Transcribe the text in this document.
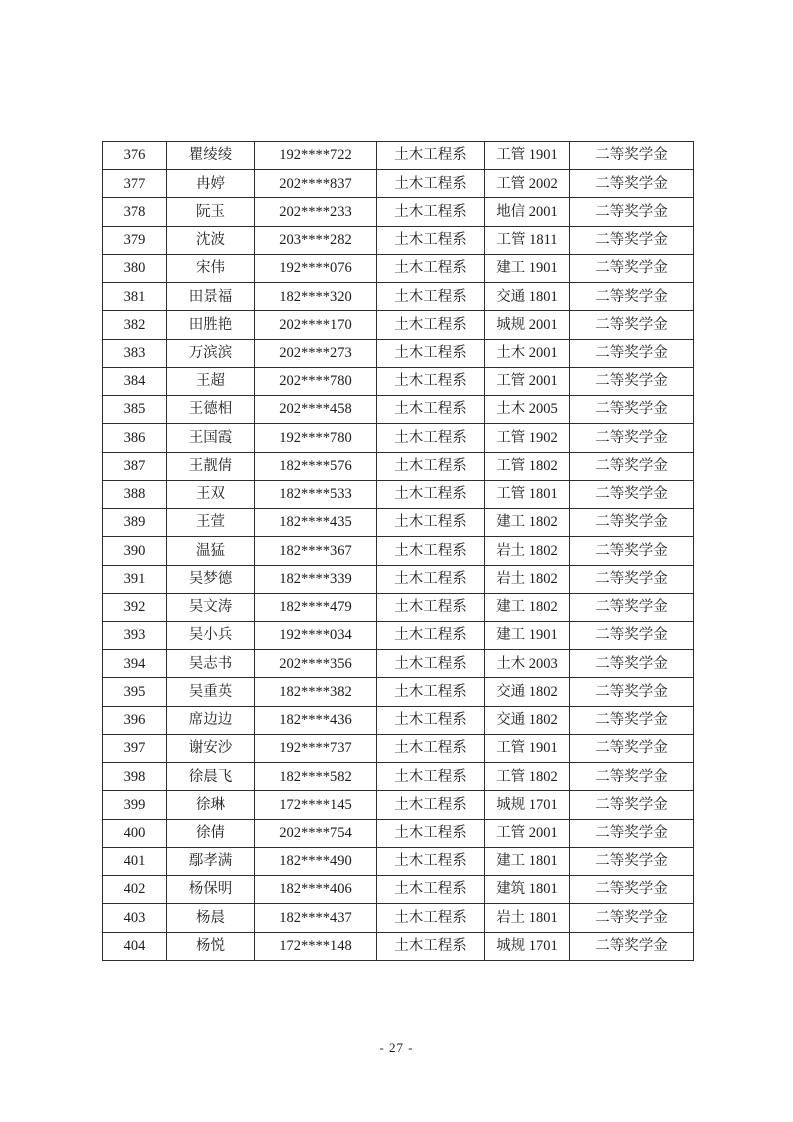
376	瞿绫绫	192****722	土木工程系	工管 1901	二等奖学金
377	冉婷	202****837	土木工程系	工管 2002	二等奖学金
378	阮玉	202****233	土木工程系	地信 2001	二等奖学金
379	沈波	203****282	土木工程系	工管 1811	二等奖学金
380	宋伟	192****076	土木工程系	建工 1901	二等奖学金
381	田景福	182****320	土木工程系	交通 1801	二等奖学金
382	田胜艳	202****170	土木工程系	城规 2001	二等奖学金
383	万滨滨	202****273	土木工程系	土木 2001	二等奖学金
384	王超	202****780	土木工程系	工管 2001	二等奖学金
385	王德相	202****458	土木工程系	土木 2005	二等奖学金
386	王国霞	192****780	土木工程系	工管 1902	二等奖学金
387	王靓倩	182****576	土木工程系	工管 1802	二等奖学金
388	王双	182****533	土木工程系	工管 1801	二等奖学金
389	王萱	182****435	土木工程系	建工 1802	二等奖学金
390	温猛	182****367	土木工程系	岩土 1802	二等奖学金
391	吴梦德	182****339	土木工程系	岩土 1802	二等奖学金
392	吴文涛	182****479	土木工程系	建工 1802	二等奖学金
393	吴小兵	192****034	土木工程系	建工 1901	二等奖学金
394	吴志书	202****356	土木工程系	土木 2003	二等奖学金
395	吴重英	182****382	土木工程系	交通 1802	二等奖学金
396	席边边	182****436	土木工程系	交通 1802	二等奖学金
397	谢安沙	192****737	土木工程系	工管 1901	二等奖学金
398	徐晨飞	182****582	土木工程系	工管 1802	二等奖学金
399	徐琳	172****145	土木工程系	城规 1701	二等奖学金
400	徐倩	202****754	土木工程系	工管 2001	二等奖学金
401	鄢孝满	182****490	土木工程系	建工 1801	二等奖学金
402	杨保明	182****406	土木工程系	建筑 1801	二等奖学金
403	杨晨	182****437	土木工程系	岩土 1801	二等奖学金
404	杨悦	172****148	土木工程系	城规 1701	二等奖学金
- 27 -
